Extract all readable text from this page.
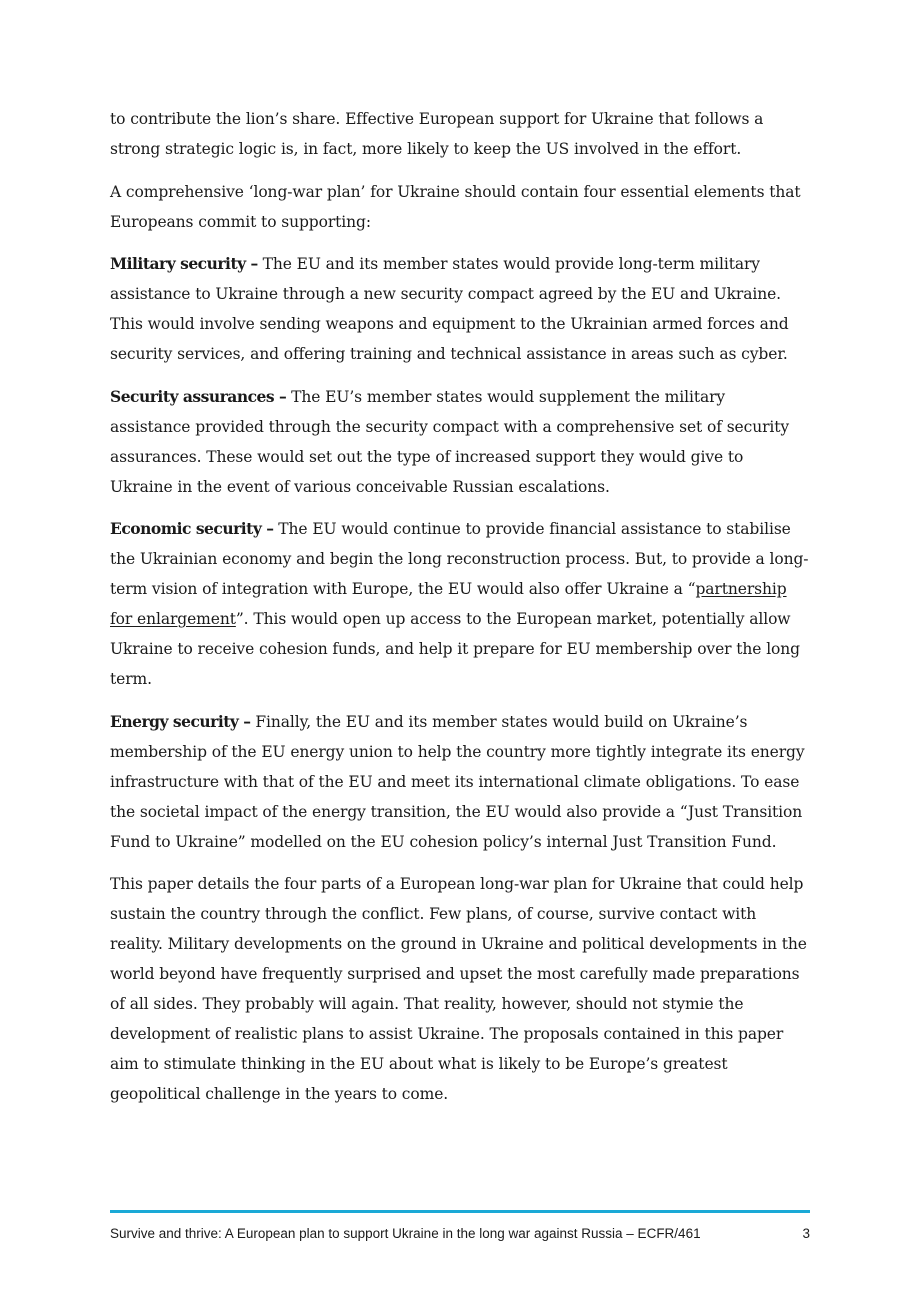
to contribute the lion’s share. Effective European support for Ukraine that follows a strong strategic logic is, in fact, more likely to keep the US involved in the effort.

A comprehensive ‘long-war plan’ for Ukraine should contain four essential elements that Europeans commit to supporting:

Military security – The EU and its member states would provide long-term military assistance to Ukraine through a new security compact agreed by the EU and Ukraine. This would involve sending weapons and equipment to the Ukrainian armed forces and security services, and offering training and technical assistance in areas such as cyber.

Security assurances – The EU’s member states would supplement the military assistance provided through the security compact with a comprehensive set of security assurances. These would set out the type of increased support they would give to Ukraine in the event of various conceivable Russian escalations.

Economic security – The EU would continue to provide financial assistance to stabilise the Ukrainian economy and begin the long reconstruction process. But, to provide a long-term vision of integration with Europe, the EU would also offer Ukraine a “partnership for enlargement”. This would open up access to the European market, potentially allow Ukraine to receive cohesion funds, and help it prepare for EU membership over the long term.

Energy security – Finally, the EU and its member states would build on Ukraine’s membership of the EU energy union to help the country more tightly integrate its energy infrastructure with that of the EU and meet its international climate obligations. To ease the societal impact of the energy transition, the EU would also provide a “Just Transition Fund to Ukraine” modelled on the EU cohesion policy’s internal Just Transition Fund.

This paper details the four parts of a European long-war plan for Ukraine that could help sustain the country through the conflict. Few plans, of course, survive contact with reality. Military developments on the ground in Ukraine and political developments in the world beyond have frequently surprised and upset the most carefully made preparations of all sides. They probably will again. That reality, however, should not stymie the development of realistic plans to assist Ukraine. The proposals contained in this paper aim to stimulate thinking in the EU about what is likely to be Europe’s greatest geopolitical challenge in the years to come.

Survive and thrive: A European plan to support Ukraine in the long war against Russia – ECFR/461	3
